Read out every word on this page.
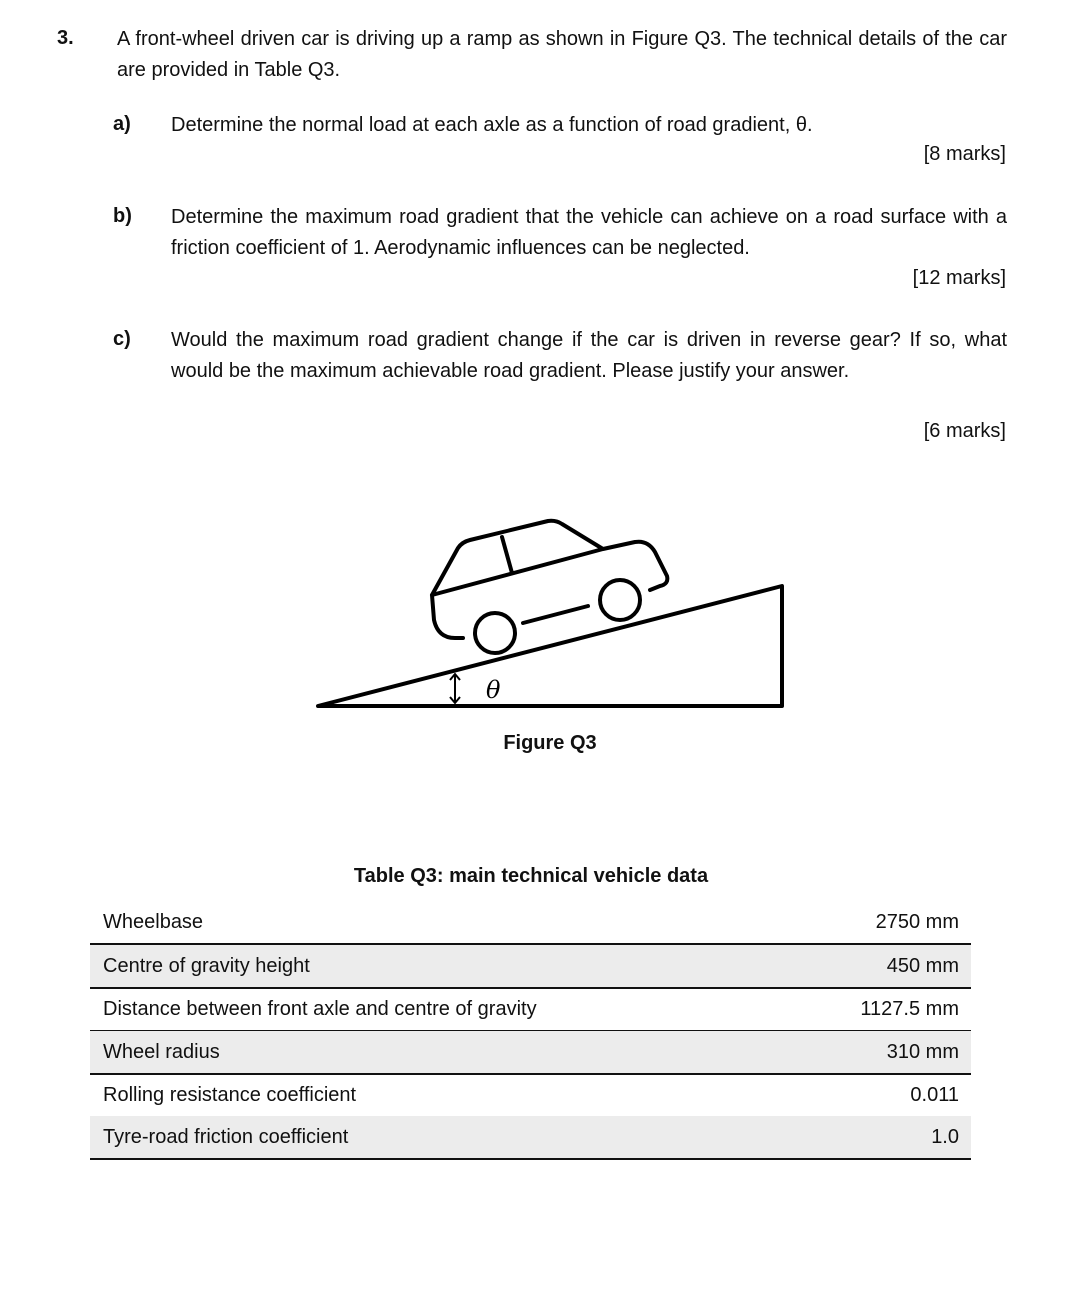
3. A front-wheel driven car is driving up a ramp as shown in Figure Q3. The technical details of the car are provided in Table Q3.
a) Determine the normal load at each axle as a function of road gradient, θ.
[8 marks]
b) Determine the maximum road gradient that the vehicle can achieve on a road surface with a friction coefficient of 1. Aerodynamic influences can be neglected.
[12 marks]
c) Would the maximum road gradient change if the car is driven in reverse gear? If so, what would be the maximum achievable road gradient. Please justify your answer.
[6 marks]
θ
Figure Q3
Table Q3: main technical vehicle data
Wheelbase	2750 mm
Centre of gravity height	450 mm
Distance between front axle and centre of gravity	1127.5 mm
Wheel radius	310 mm
Rolling resistance coefficient	0.011
Tyre-road friction coefficient	1.0
